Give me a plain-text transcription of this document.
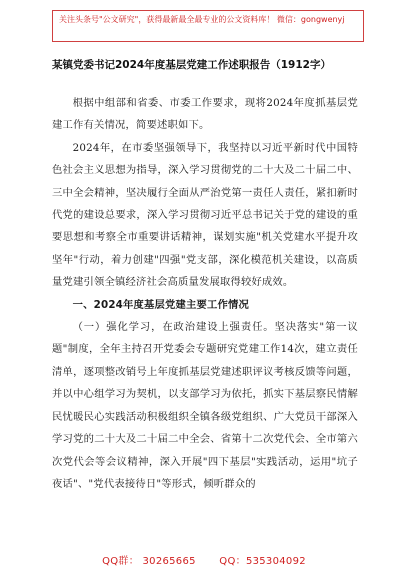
关注头条号"公文研究"，获得最新最全最专业的公文资料库！ 微信：gongwenyj
某镇党委书记2024年度基层党建工作述职报告（1912字）

根据中组部和省委、市委工作要求，现将2024年度抓基层党建工作有关情况，简要述职如下。

2024年，在市委坚强领导下，我坚持以习近平新时代中国特色社会主义思想为指导，深入学习贯彻党的二十大及二十届二中、三中全会精神，坚决履行全面从严治党第一责任人责任，紧扣新时代党的建设总要求，深入学习贯彻习近平总书记关于党的建设的重要思想和考察全市重要讲话精神，谋划实施"机关党建水平提升攻坚年"行动，着力创建"四强"党支部，深化模范机关建设，以高质量党建引领全镇经济社会高质量发展取得较好成效。

一、2024年度基层党建主要工作情况

（一）强化学习，在政治建设上强责任。坚决落实"第一议题"制度，全年主持召开党委会专题研究党建工作14次，建立责任清单，逐项整改销号上年度抓基层党建述职评议考核反馈等问题，并以中心组学习为契机，以支部学习为依托，抓实下基层察民情解民忧暖民心实践活动积极组织全镇各级党组织、广大党员干部深入学习党的二十大及二十届二中全会、省第十二次党代会、全市第六次党代会等会议精神，深入开展"四下基层"实践活动，运用"坑子夜话"、"党代表接待日"等形式，倾听群众的

QQ群： 30265665 QQ：535304092
